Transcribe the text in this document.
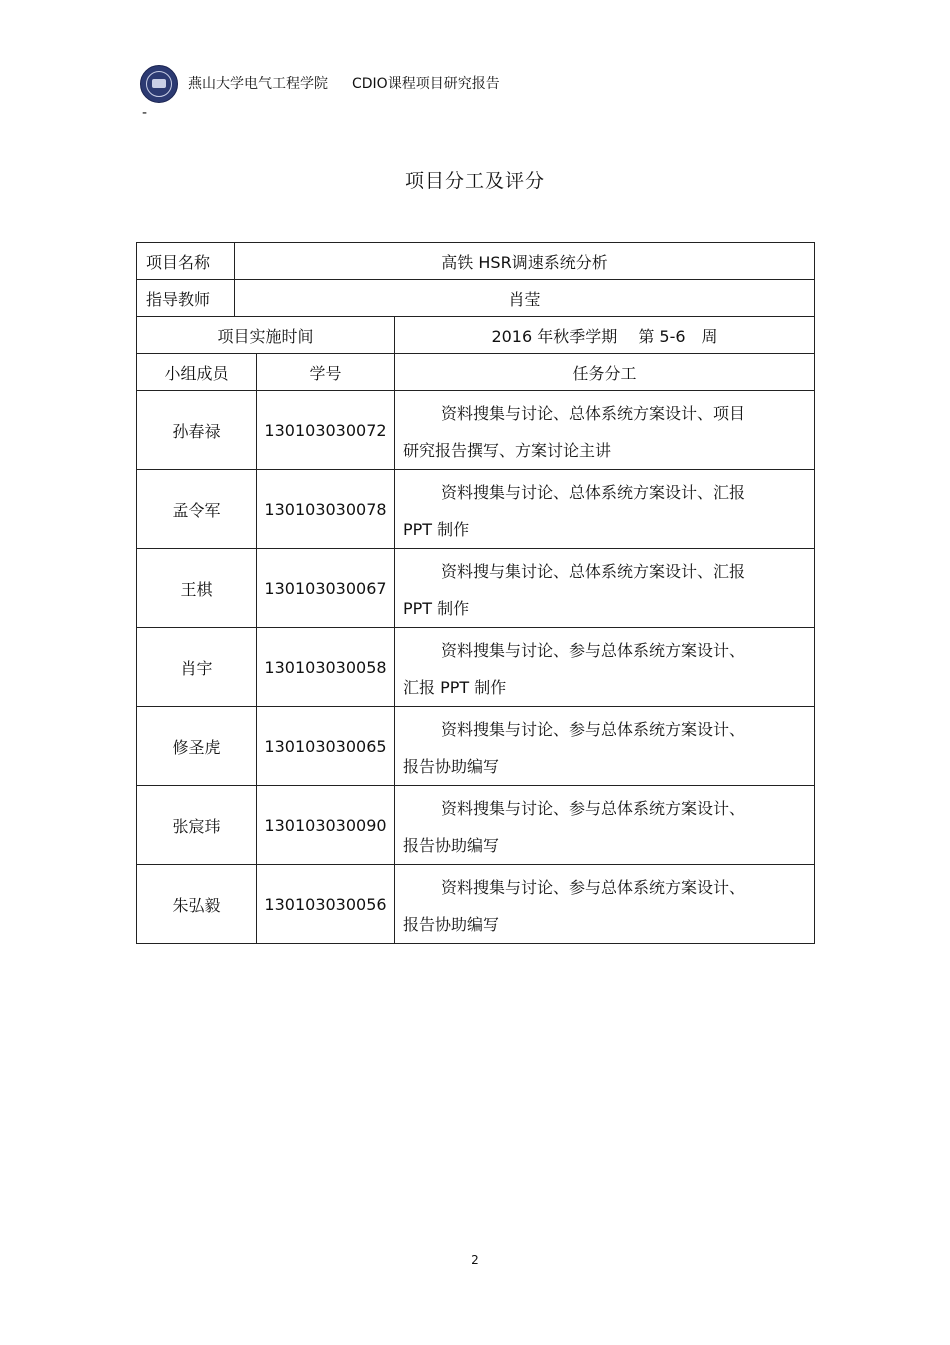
燕山大学电气工程学院 CDIO课程项目研究报告
-
项目分工及评分
项目名称	高铁 HSR调速系统分析		
指导教师	肖莹		
项目实施时间			2016 年秋季学期　 第 5-6　周
小组成员		学号	任务分工
孙春禄		130103030072	资料搜集与讨论、总体系统方案设计、项目
研究报告撰写、方案讨论主讲
孟令军		130103030078	资料搜集与讨论、总体系统方案设计、汇报
PPT 制作
王棋		130103030067	资料搜与集讨论、总体系统方案设计、汇报
PPT 制作
肖宇		130103030058	资料搜集与讨论、参与总体系统方案设计、
汇报 PPT 制作
修圣虎		130103030065	资料搜集与讨论、参与总体系统方案设计、
报告协助编写
张宸玮		130103030090	资料搜集与讨论、参与总体系统方案设计、
报告协助编写
朱弘毅		130103030056	资料搜集与讨论、参与总体系统方案设计、
报告协助编写
2
